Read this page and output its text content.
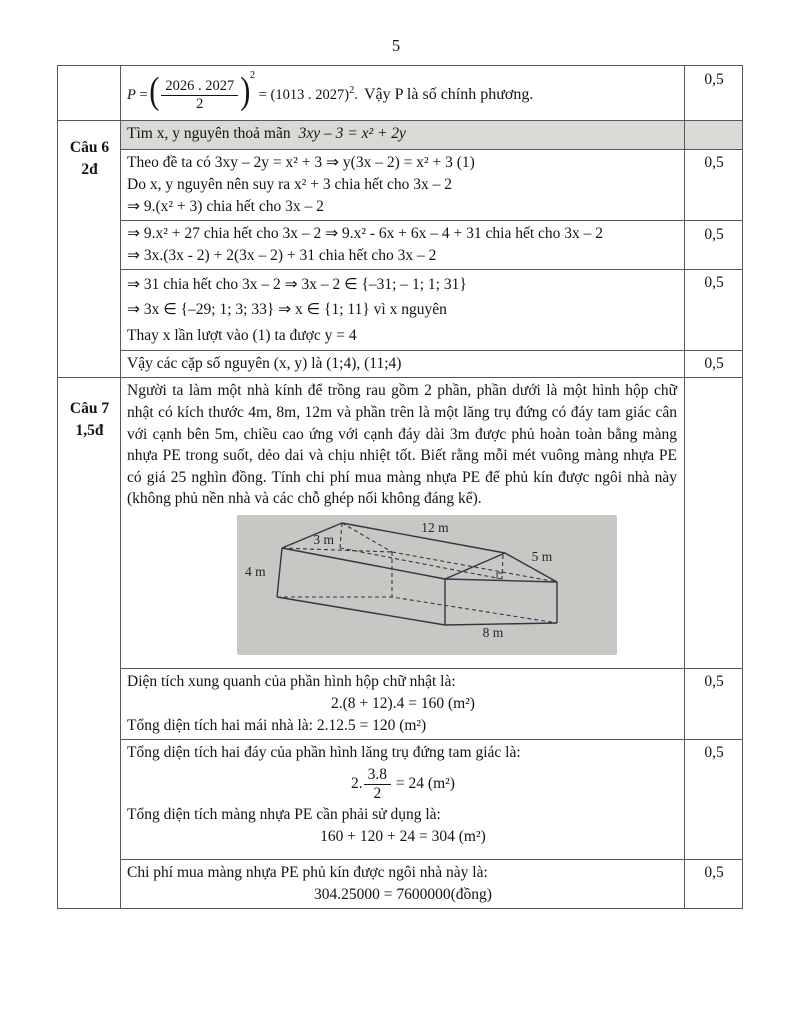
5

	P =( $\frac{2026 . 2027}{2} )^2 = (1013$ . 2027)$^2$. Vậy P là số chính phương.	0,5

Câu 6
2đ	Tìm x, y nguyên thoả mãn 3xy – 3 = x² + 2y	

	Theo đề ta có 3xy – 2y = x² + 3 ⇒ y(3x – 2) = x² + 3 (1)
Do x, y nguyên nên suy ra x² + 3 chia hết cho 3x – 2
⇒ 9.(x² + 3) chia hết cho 3x – 2	0,5

	⇒ 9.x² + 27 chia hết cho 3x – 2 ⇒ 9.x² - 6x + 6x – 4 + 31 chia hết cho 3x – 2
⇒ 3x.(3x - 2) + 2(3x – 2) + 31 chia hết cho 3x – 2	0,5

	⇒ 31 chia hết cho 3x – 2 ⇒ 3x – 2 ∈ {–31; – 1; 1; 31}
⇒ 3x ∈ {–29; 1; 3; 33} ⇒ x ∈ {1; 11} vì x nguyên
Thay x lần lượt vào (1) ta được y = 4	0,5

	Vậy các cặp số nguyên (x, y) là (1;4), (11;4)	0,5

Câu 7
1,5đ

Người ta làm một nhà kính để trồng rau gồm 2 phần, phần dưới là một hình hộp chữ nhật có kích thước 4m, 8m, 12m và phần trên là một lăng trụ đứng có đáy tam giác cân với cạnh bên 5m, chiều cao ứng với cạnh đáy dài 3m được phủ hoàn toàn bằng màng nhựa PE trong suốt, dẻo dai và chịu nhiệt tốt. Biết rằng mỗi mét vuông màng nhựa PE có giá 25 nghìn đồng. Tính chi phí mua màng nhựa PE để phủ kín được ngôi nhà này (không phủ nền nhà và các chỗ ghép nối không đáng kể).
3 m
12 m
5 m
4 m
8 m

	Diện tích xung quanh của phần hình hộp chữ nhật là:
2.(8 + 12).4 = 160 (m²)
Tổng diện tích hai mái nhà là: 2.12.5 = 120 (m²)	0,5

Tổng diện tích hai đáy của phần hình lăng trụ đứng tam giác là:
2. $\frac{3.8}{2} = 24$ (m²)
Tổng diện tích màng nhựa PE cần phải sử dụng là:
160 + 120 + 24 = 304 (m²)
	0,5

	Chi phí mua màng nhựa PE phủ kín được ngôi nhà này là:
304.25000 = 7600000(đồng)	0,5
